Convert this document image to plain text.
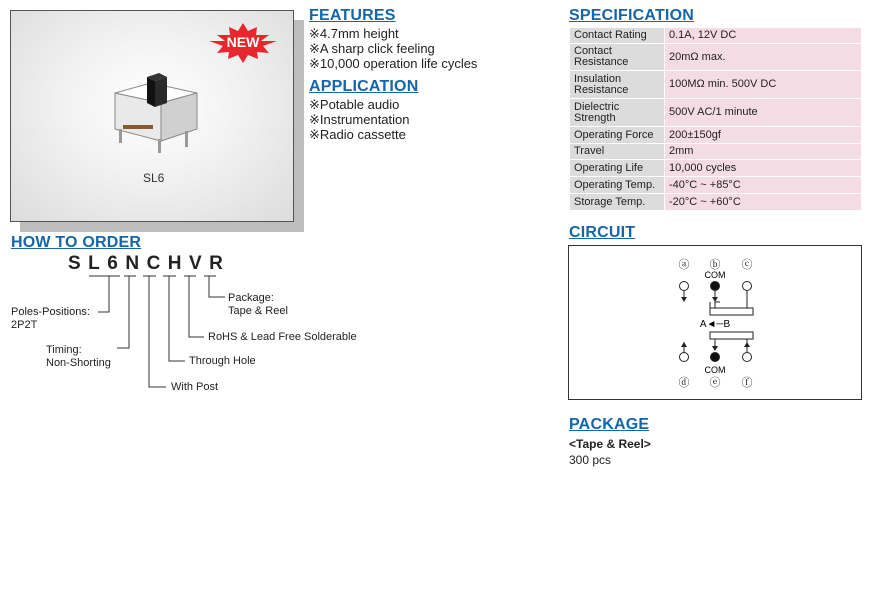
NEW
SL6
FEATURES
※4.7mm height
※A sharp click feeling
※10,000 operation life cycles
APPLICATION
※Potable audio
※Instrumentation
※Radio cassette
SPECIFICATION
Contact Rating	0.1A, 12V DC
Contact Resistance	20mΩ max.
Insulation Resistance	100MΩ min. 500V DC
Dielectric Strength	500V AC/1 minute
Operating Force	200±150gf
Travel	2mm
Operating Life	10,000 cycles
Operating Temp.	-40°C ~ +85°C
Storage Temp.	-20°C ~ +60°C
CIRCUIT
ⓐ ⓑ ⓒ
COM
A◄─B
COM
ⓓ ⓔ ⓕ
HOW TO ORDER
SL6NCHVR
Poles-Positions:
2P2T
Timing:
Non-Shorting
With Post
Through Hole
RoHS & Lead Free Solderable
Package:
Tape & Reel
PACKAGE
<Tape & Reel>
300 pcs
